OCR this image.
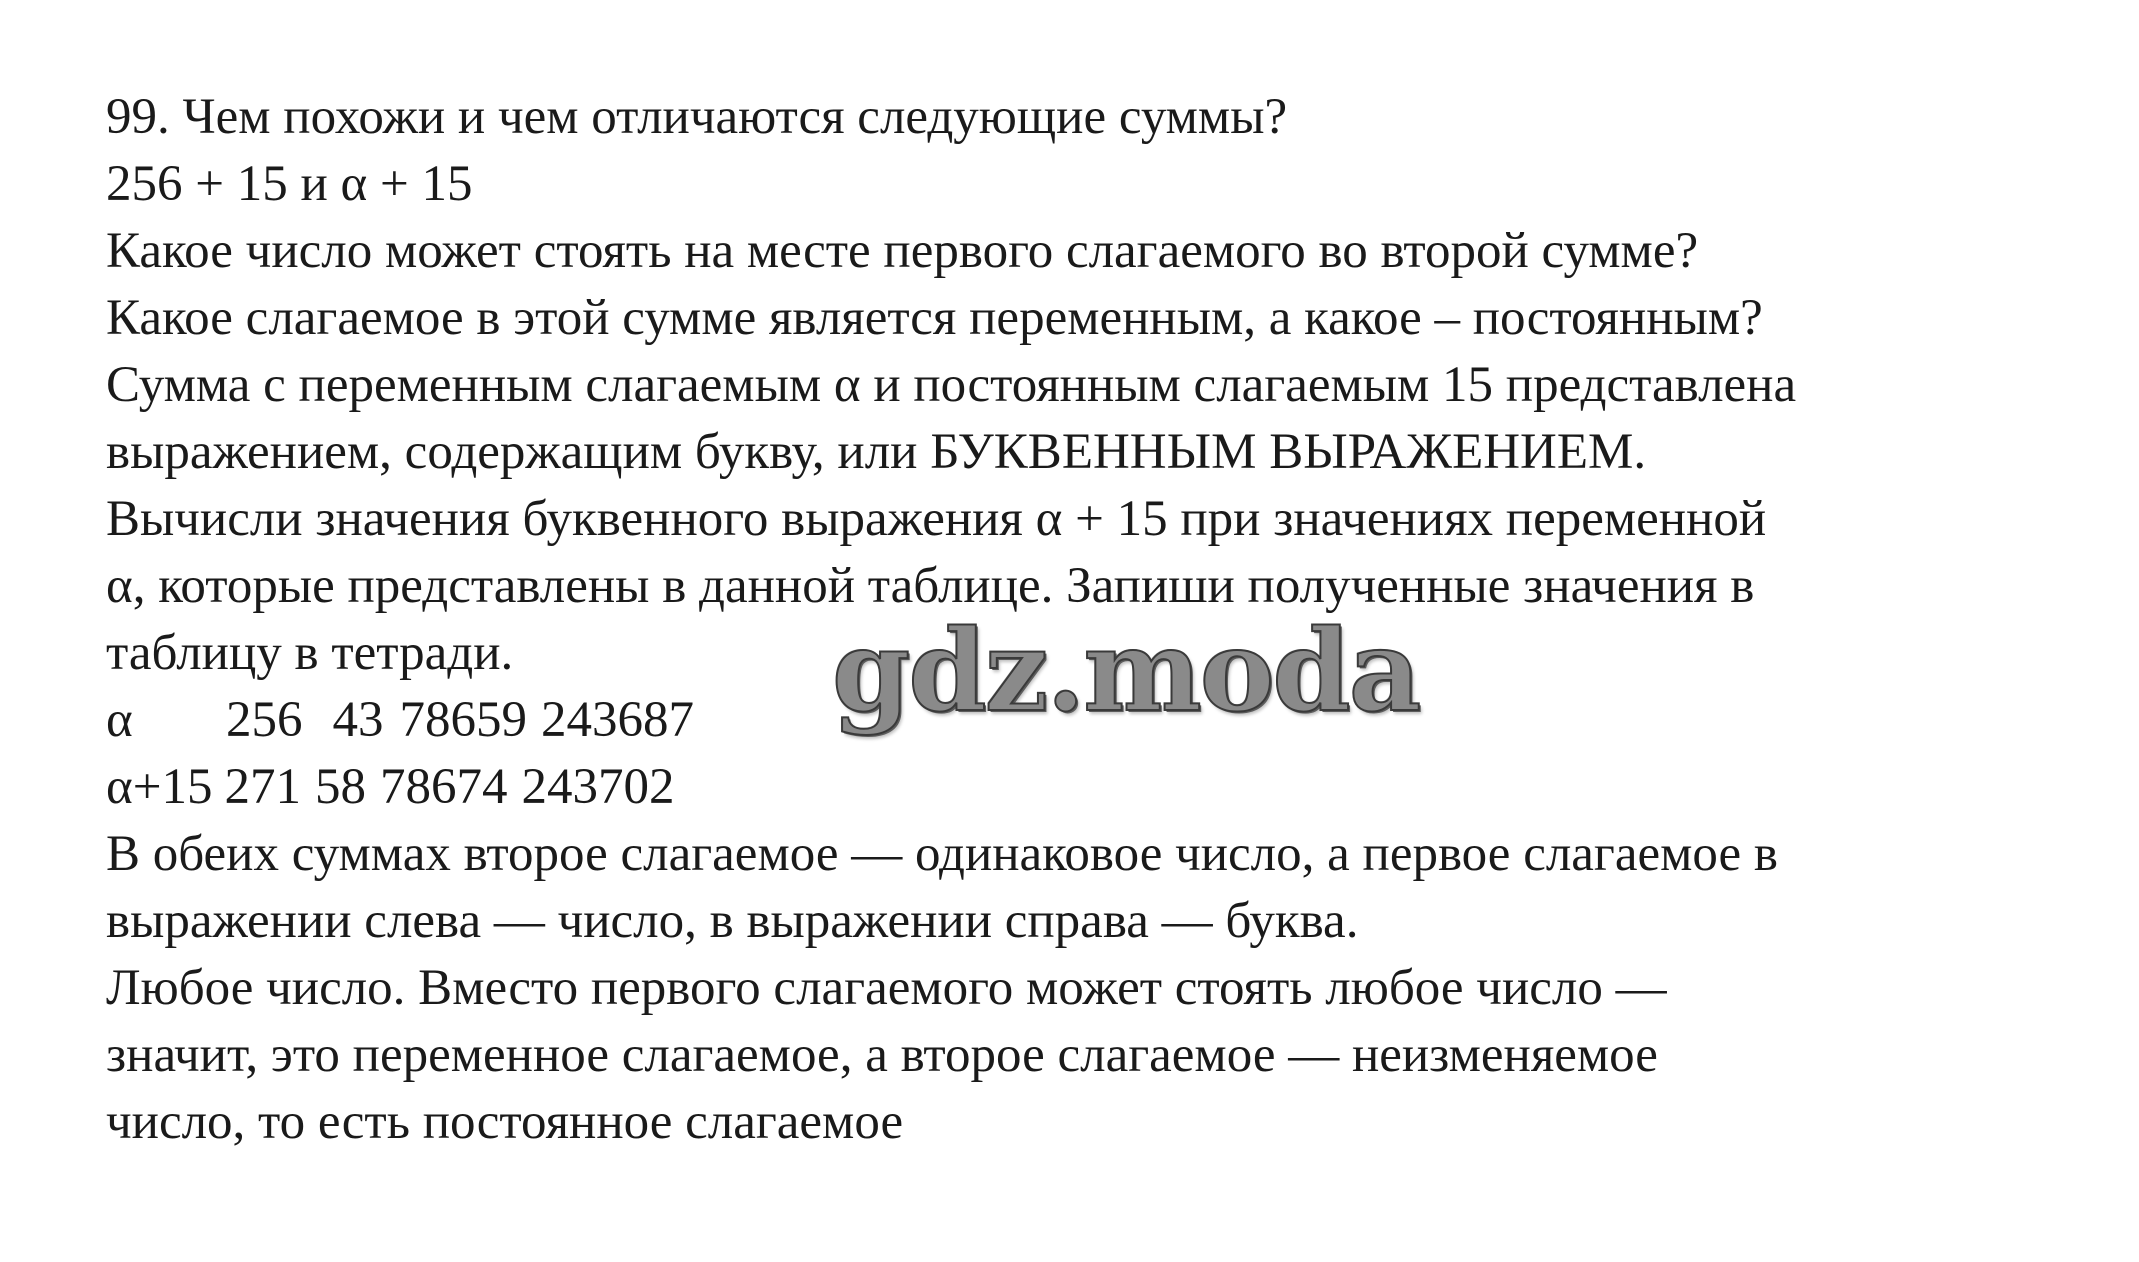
99. Чем похожи и чем отличаются следующие суммы?
256 + 15 и α + 15
Какое число может стоять на месте первого слагаемого во второй сумме?
Какое слагаемое в этой сумме является переменным, а какое – постоянным?
Сумма с переменным слагаемым α и постоянным слагаемым 15 представлена
выражением, содержащим букву, или БУКВЕННЫМ ВЫРАЖЕНИЕМ.
Вычисли значения буквенного выражения α + 15 при значениях переменной
α, которые представлены в данной таблице. Запиши полученные значения в
таблицу в тетради.
α	256
43
78659
243687
α+15
271
58
78674
243702
В обеих суммах второе слагаемое — одинаковое число, а первое слагаемое в
выражении слева — число, в выражении справа — буква.
Любое число. Вместо первого слагаемого может стоять любое число —
значит, это переменное слагаемое, а второе слагаемое — неизменяемое
число, то есть постоянное слагаемое
gdz.moda
